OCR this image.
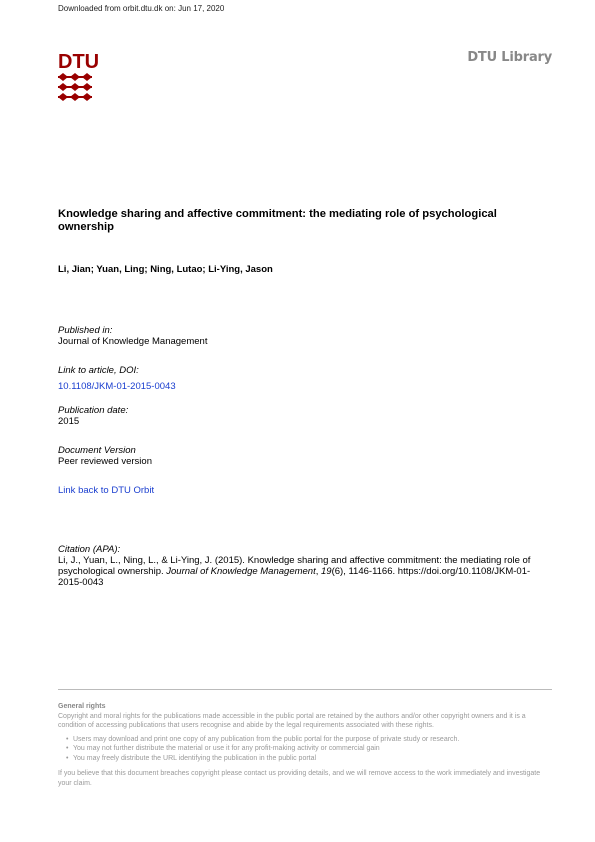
Downloaded from orbit.dtu.dk on: Jun 17, 2020
DTU	DTU Library
Knowledge sharing and affective commitment: the mediating role of psychological ownership
Li, Jian; Yuan, Ling; Ning, Lutao; Li-Ying, Jason
Published in:
Journal of Knowledge Management
Link to article, DOI:
10.1108/JKM-01-2015-0043
Publication date:
2015
Document Version
Peer reviewed version
Link back to DTU Orbit
Citation (APA):
Li, J., Yuan, L., Ning, L., & Li-Ying, J. (2015). Knowledge sharing and affective commitment: the mediating role of psychological ownership. Journal of Knowledge Management, 19(6), 1146-1166. https://doi.org/10.1108/JKM-01-2015-0043
General rights
Copyright and moral rights for the publications made accessible in the public portal are retained by the authors and/or other copyright owners and it is a condition of accessing publications that users recognise and abide by the legal requirements associated with these rights.
• Users may download and print one copy of any publication from the public portal for the purpose of private study or research.
• You may not further distribute the material or use it for any profit-making activity or commercial gain
• You may freely distribute the URL identifying the publication in the public portal
If you believe that this document breaches copyright please contact us providing details, and we will remove access to the work immediately and investigate your claim.
